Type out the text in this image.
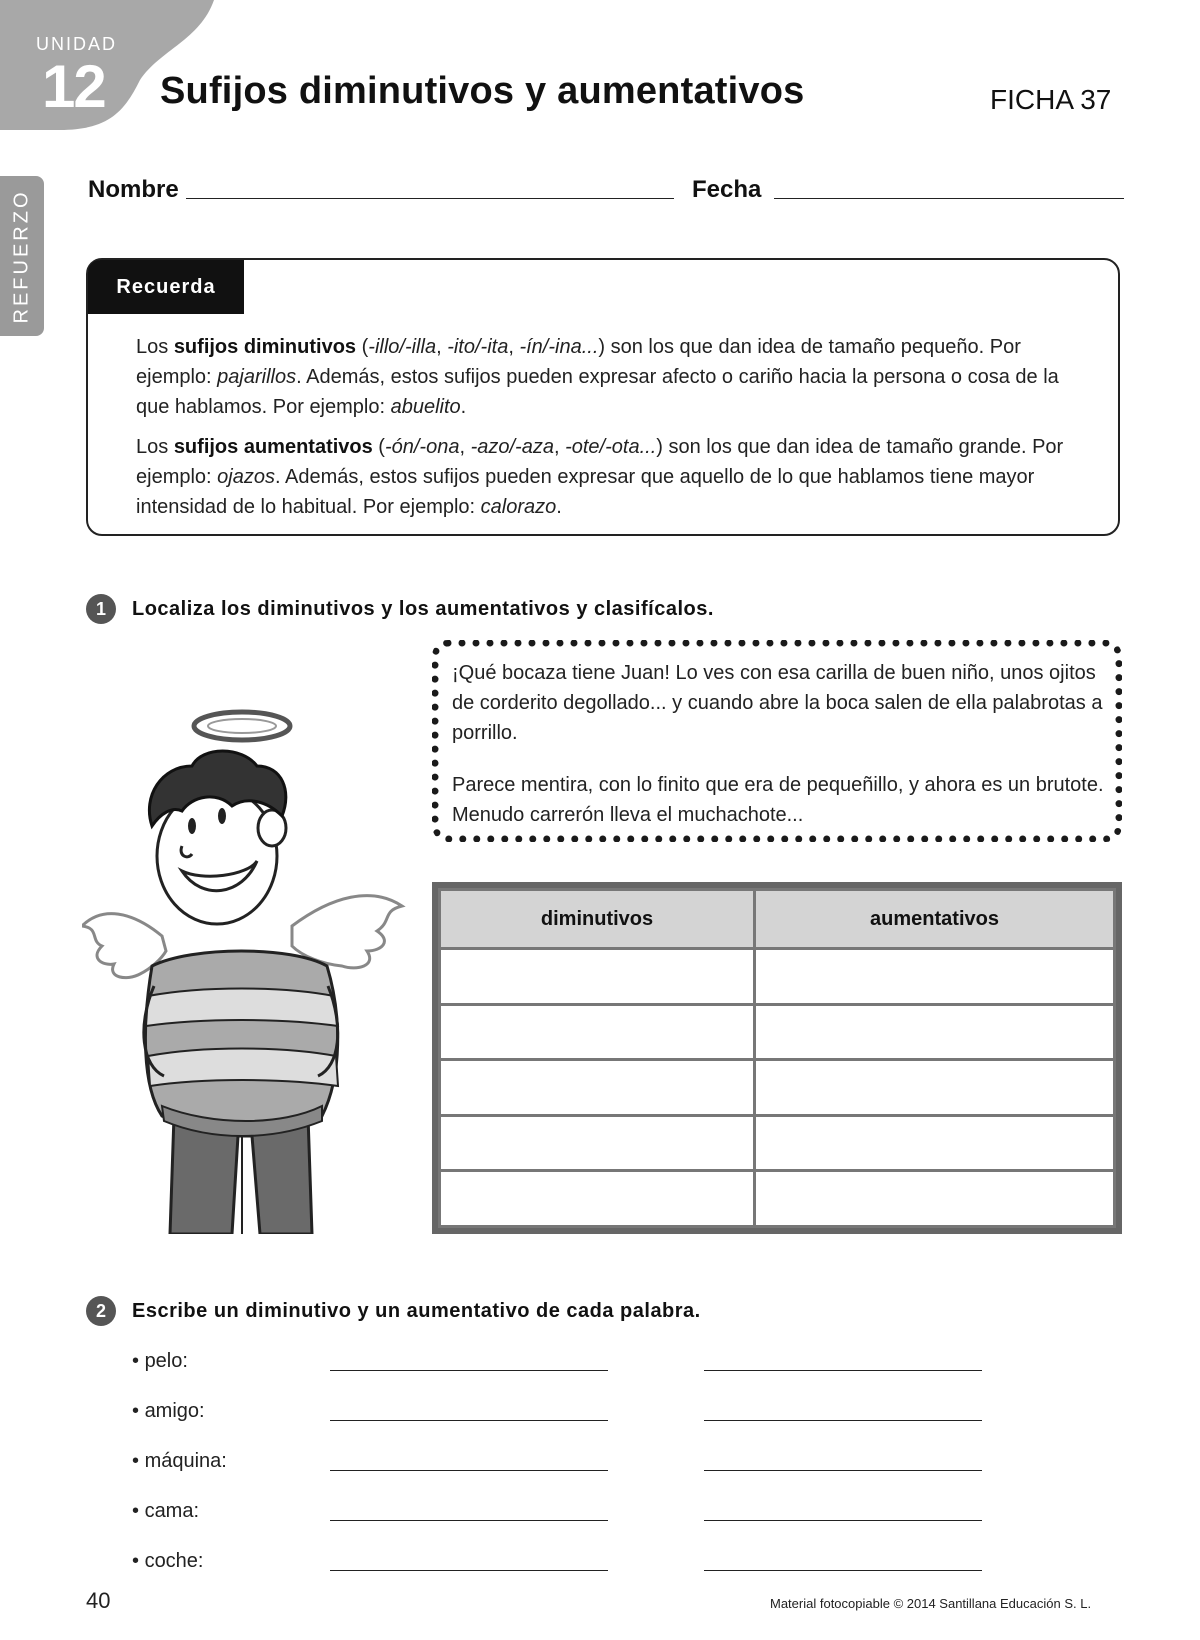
UNIDAD
12 Sufijos diminutivos y aumentativos	FICHA 37
REFUERZO Nombre	Fecha
Recuerda
Los sufijos diminutivos (-illo/-illa, -ito/-ita, -ín/-ina...) son los que dan idea de tamaño pequeño. Por ejemplo: pajarillos. Además, estos sufijos pueden expresar afecto o cariño hacia la persona o cosa de la que hablamos. Por ejemplo: abuelito.
Los sufijos aumentativos (-ón/-ona, -azo/-aza, -ote/-ota...) son los que dan idea de tamaño grande. Por ejemplo: ojazos. Además, estos sufijos pueden expresar que aquello de lo que hablamos tiene mayor intensidad de lo habitual. Por ejemplo: calorazo.
1	Localiza los diminutivos y los aumentativos y clasifícalos.
¡Qué bocaza tiene Juan! Lo ves con esa carilla de buen niño, unos ojitos de corderito degollado... y cuando abre la boca salen de ella palabrotas a porrillo.
Parece mentira, con lo finito que era de pequeñillo, y ahora es un brutote. Menudo carrerón lleva el muchachote...
diminutivos	aumentativos

2	Escribe un diminutivo y un aumentativo de cada palabra.
• pelo:
• amigo:
• máquina:
• cama:
• coche:
40	Material fotocopiable © 2014 Santillana Educación S. L.
